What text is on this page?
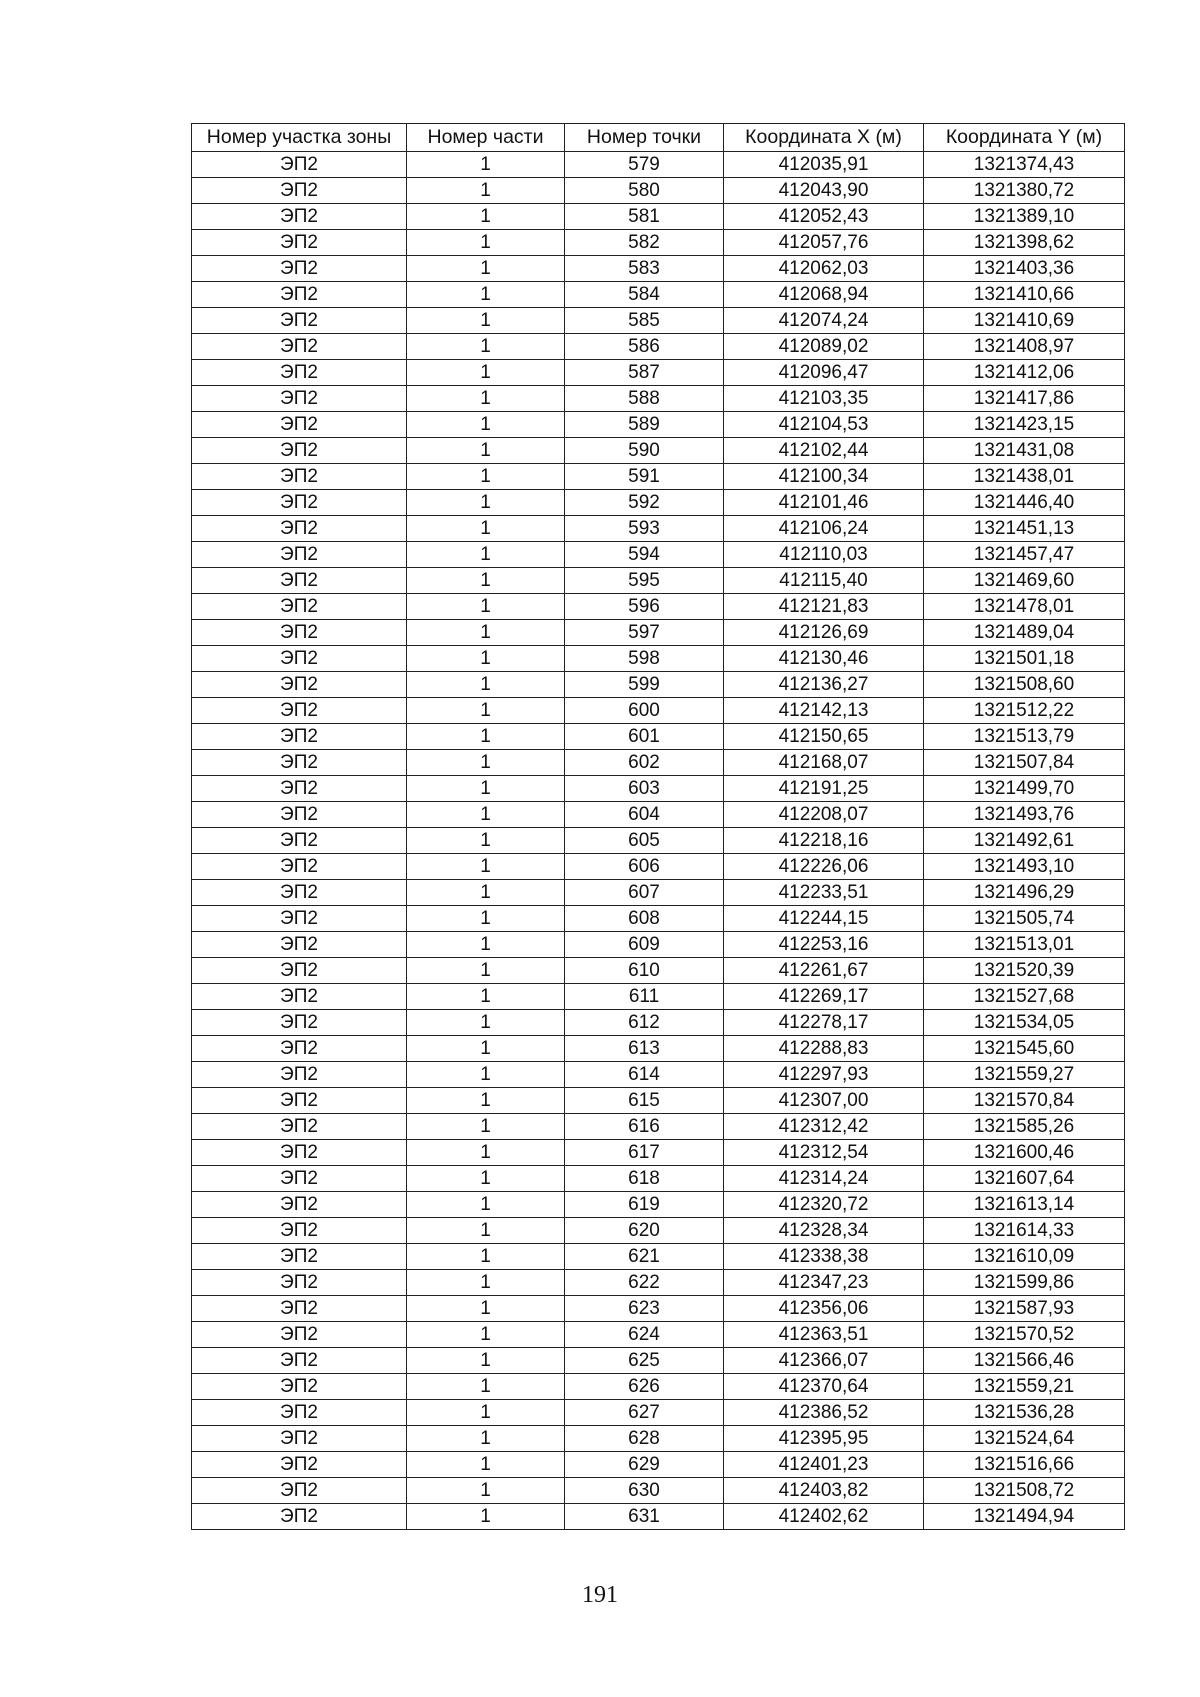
Номер участка зоны	Номер части	Номер точки	Координата X (м)	Координата Y (м)
ЭП2	1	579	412035,91	1321374,43
ЭП2	1	580	412043,90	1321380,72
ЭП2	1	581	412052,43	1321389,10
ЭП2	1	582	412057,76	1321398,62
ЭП2	1	583	412062,03	1321403,36
ЭП2	1	584	412068,94	1321410,66
ЭП2	1	585	412074,24	1321410,69
ЭП2	1	586	412089,02	1321408,97
ЭП2	1	587	412096,47	1321412,06
ЭП2	1	588	412103,35	1321417,86
ЭП2	1	589	412104,53	1321423,15
ЭП2	1	590	412102,44	1321431,08
ЭП2	1	591	412100,34	1321438,01
ЭП2	1	592	412101,46	1321446,40
ЭП2	1	593	412106,24	1321451,13
ЭП2	1	594	412110,03	1321457,47
ЭП2	1	595	412115,40	1321469,60
ЭП2	1	596	412121,83	1321478,01
ЭП2	1	597	412126,69	1321489,04
ЭП2	1	598	412130,46	1321501,18
ЭП2	1	599	412136,27	1321508,60
ЭП2	1	600	412142,13	1321512,22
ЭП2	1	601	412150,65	1321513,79
ЭП2	1	602	412168,07	1321507,84
ЭП2	1	603	412191,25	1321499,70
ЭП2	1	604	412208,07	1321493,76
ЭП2	1	605	412218,16	1321492,61
ЭП2	1	606	412226,06	1321493,10
ЭП2	1	607	412233,51	1321496,29
ЭП2	1	608	412244,15	1321505,74
ЭП2	1	609	412253,16	1321513,01
ЭП2	1	610	412261,67	1321520,39
ЭП2	1	611	412269,17	1321527,68
ЭП2	1	612	412278,17	1321534,05
ЭП2	1	613	412288,83	1321545,60
ЭП2	1	614	412297,93	1321559,27
ЭП2	1	615	412307,00	1321570,84
ЭП2	1	616	412312,42	1321585,26
ЭП2	1	617	412312,54	1321600,46
ЭП2	1	618	412314,24	1321607,64
ЭП2	1	619	412320,72	1321613,14
ЭП2	1	620	412328,34	1321614,33
ЭП2	1	621	412338,38	1321610,09
ЭП2	1	622	412347,23	1321599,86
ЭП2	1	623	412356,06	1321587,93
ЭП2	1	624	412363,51	1321570,52
ЭП2	1	625	412366,07	1321566,46
ЭП2	1	626	412370,64	1321559,21
ЭП2	1	627	412386,52	1321536,28
ЭП2	1	628	412395,95	1321524,64
ЭП2	1	629	412401,23	1321516,66
ЭП2	1	630	412403,82	1321508,72
ЭП2	1	631	412402,62	1321494,94
191
